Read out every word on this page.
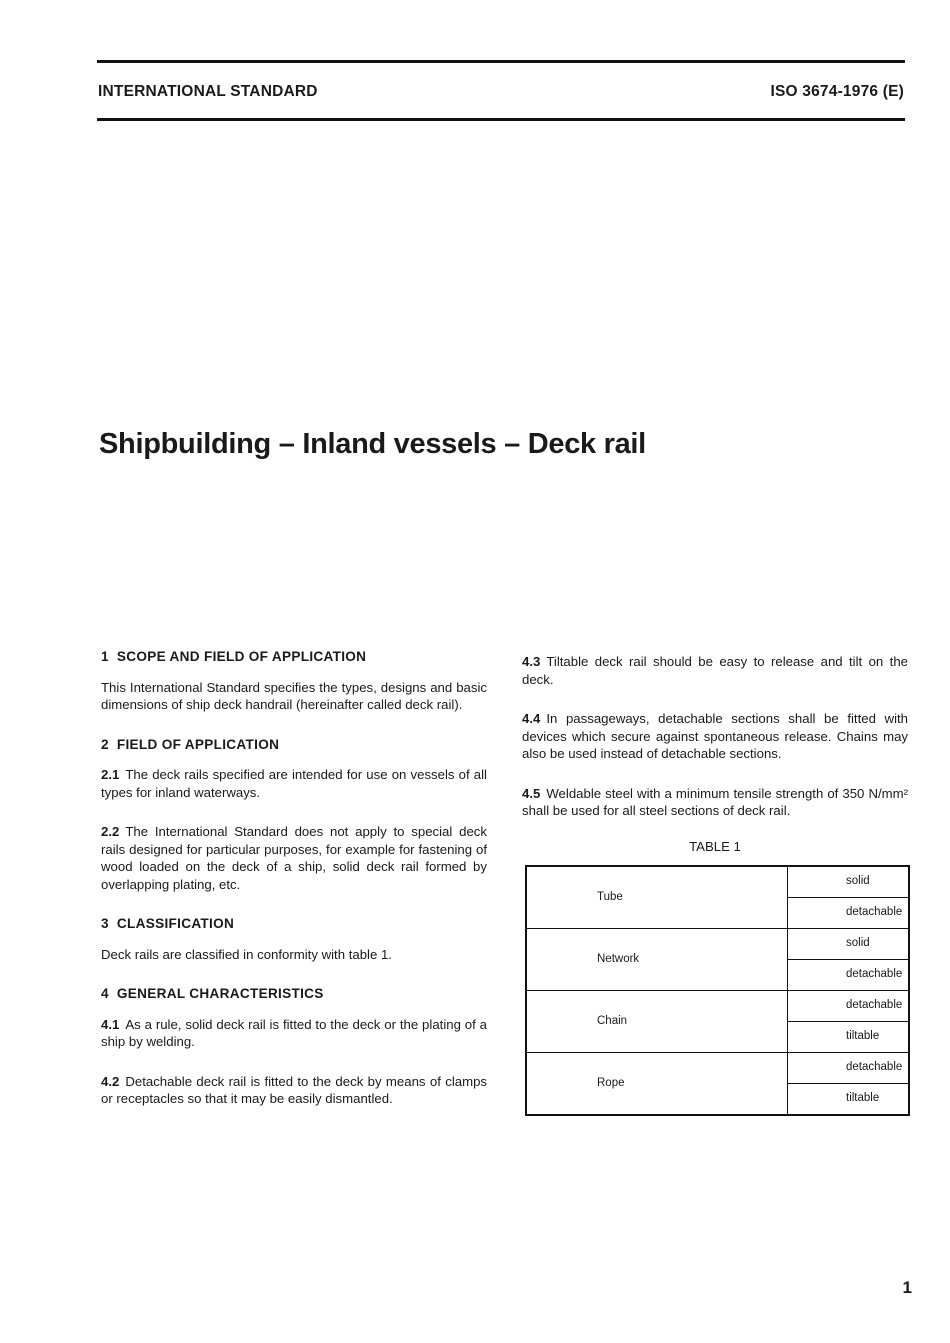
INTERNATIONAL STANDARD	ISO 3674-1976 (E)
Shipbuilding – Inland vessels – Deck rail

1 SCOPE AND FIELD OF APPLICATION

This International Standard specifies the types, designs and basic dimensions of ship deck handrail (hereinafter called deck rail).

2 FIELD OF APPLICATION

2.1 The deck rails specified are intended for use on vessels of all types for inland waterways.

2.2 The International Standard does not apply to special deck rails designed for particular purposes, for example for fastening of wood loaded on the deck of a ship, solid deck rail formed by overlapping plating, etc.

3 CLASSIFICATION

Deck rails are classified in conformity with table 1.

4 GENERAL CHARACTERISTICS

4.1 As a rule, solid deck rail is fitted to the deck or the plating of a ship by welding.

4.2 Detachable deck rail is fitted to the deck by means of clamps or receptacles so that it may be easily dismantled.

4.3 Tiltable deck rail should be easy to release and tilt on the deck.

4.4 In passageways, detachable sections shall be fitted with devices which secure against spontaneous release. Chains may also be used instead of detachable sections.

4.5 Weldable steel with a minimum tensile strength of 350 N/mm² shall be used for all steel sections of deck rail.

TABLE 1

Tube	solid
	detachable
Network	solid
	detachable
Chain	detachable
	tiltable
Rope	detachable
	tiltable
1
